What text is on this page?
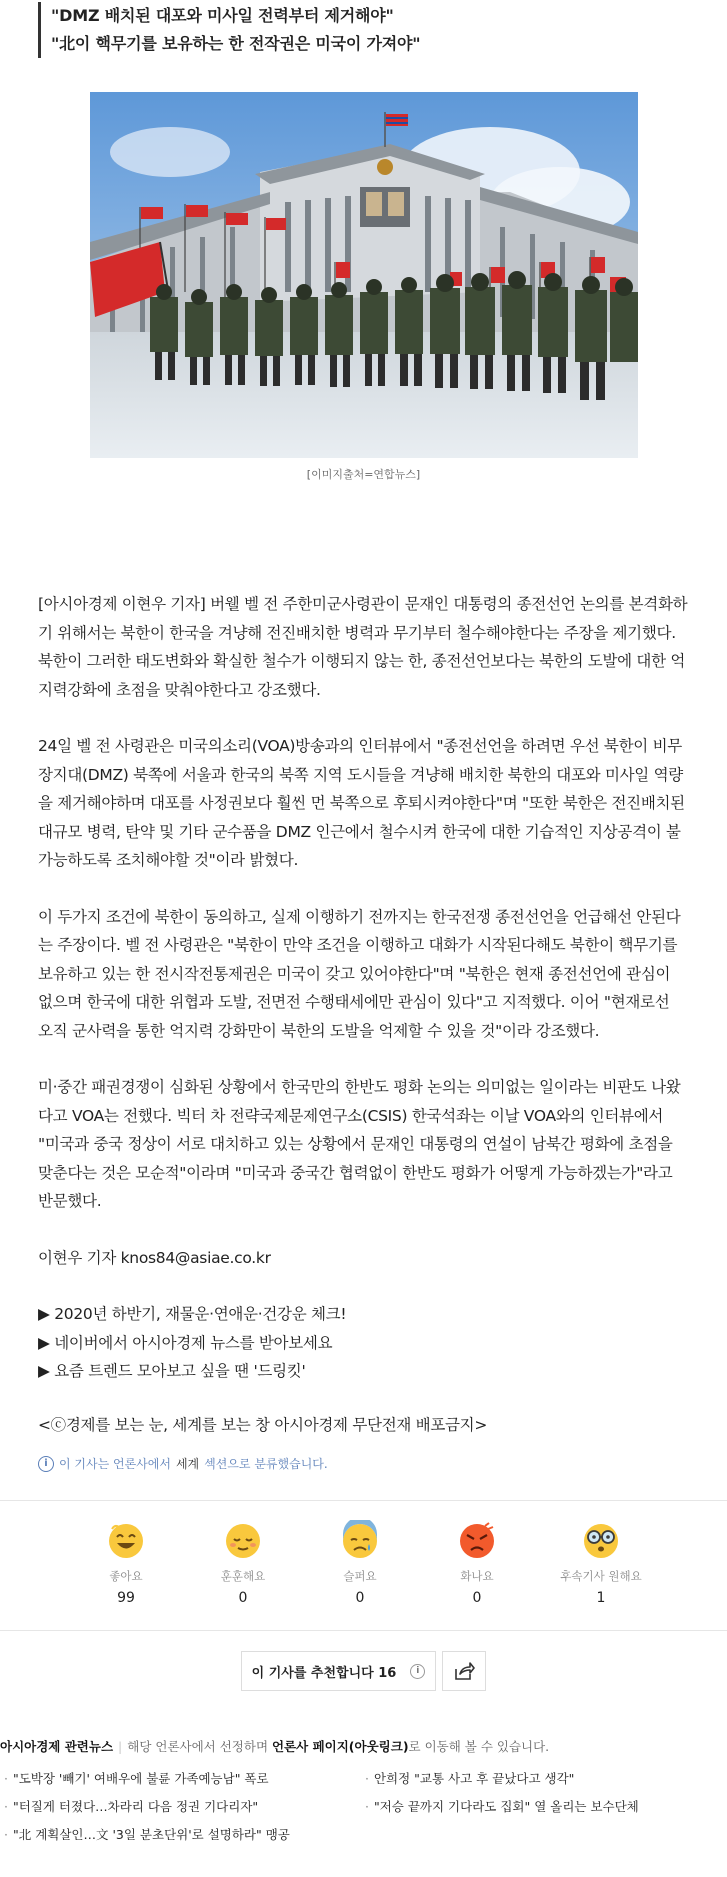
"DMZ 배치된 대포와 미사일 전력부터 제거해야"

"北이 핵무기를 보유하는 한 전작권은 미국이 가져야"

[이미지출처=연합뉴스]

[아시아경제 이현우 기자] 버웰 벨 전 주한미군사령관이 문재인 대통령의 종전선언 논의를 본격화하기 위해서는 북한이 한국을 겨냥해 전진배치한 병력과 무기부터 철수해야한다는 주장을 제기했다. 북한이 그러한 태도변화와 확실한 철수가 이행되지 않는 한, 종전선언보다는 북한의 도발에 대한 억지력강화에 초점을 맞춰야한다고 강조했다.

24일 벨 전 사령관은 미국의소리(VOA)방송과의 인터뷰에서 "종전선언을 하려면 우선 북한이 비무장지대(DMZ) 북쪽에 서울과 한국의 북쪽 지역 도시들을 겨냥해 배치한 북한의 대포와 미사일 역량을 제거해야하며 대포를 사정권보다 훨씬 먼 북쪽으로 후퇴시켜야한다"며 "또한 북한은 전진배치된 대규모 병력, 탄약 및 기타 군수품을 DMZ 인근에서 철수시켜 한국에 대한 기습적인 지상공격이 불가능하도록 조치해야할 것"이라 밝혔다.

이 두가지 조건에 북한이 동의하고, 실제 이행하기 전까지는 한국전쟁 종전선언을 언급해선 안된다는 주장이다. 벨 전 사령관은 "북한이 만약 조건을 이행하고 대화가 시작된다해도 북한이 핵무기를 보유하고 있는 한 전시작전통제권은 미국이 갖고 있어야한다"며 "북한은 현재 종전선언에 관심이 없으며 한국에 대한 위협과 도발, 전면전 수행태세에만 관심이 있다"고 지적했다. 이어 "현재로선 오직 군사력을 통한 억지력 강화만이 북한의 도발을 억제할 수 있을 것"이라 강조했다.

미·중간 패권경쟁이 심화된 상황에서 한국만의 한반도 평화 논의는 의미없는 일이라는 비판도 나왔다고 VOA는 전했다. 빅터 차 전략국제문제연구소(CSIS) 한국석좌는 이날 VOA와의 인터뷰에서 "미국과 중국 정상이 서로 대치하고 있는 상황에서 문재인 대통령의 연설이 남북간 평화에 초점을 맞춘다는 것은 모순적"이라며 "미국과 중국간 협력없이 한반도 평화가 어떻게 가능하겠는가"라고 반문했다.

이현우 기자 knos84@asiae.co.kr

▶ 2020년 하반기, 재물운·연애운·건강운 체크!

▶ 네이버에서 아시아경제 뉴스를 받아보세요

▶ 요즘 트렌드 모아보고 싶을 땐 '드링킷'

<ⓒ경제를 보는 눈, 세계를 보는 창 아시아경제 무단전재 배포금지>

i 이 기사는 언론사에서 세계 섹션으로 분류했습니다.
좋아요
99
훈훈해요
0
슬퍼요
0
화나요
0
후속기사 원해요
1
이 기사를 추천합니다 16	i
아시아경제 관련뉴스 | 해당 언론사에서 선정하며 언론사 페이지(아웃링크)로 이동해 볼 수 있습니다.
· "도박장 '빼기' 여배우에 불륜 가족예능남" 폭로
· "터질게 터졌다…차라리 다음 정권 기다리자"
· "北 계획살인…文 '3일 분초단위'로 설명하라" 맹공
· 안희정 "교통 사고 후 끝났다고 생각"
· "저승 끝까지 기다라도 집회" 열 올리는 보수단체
